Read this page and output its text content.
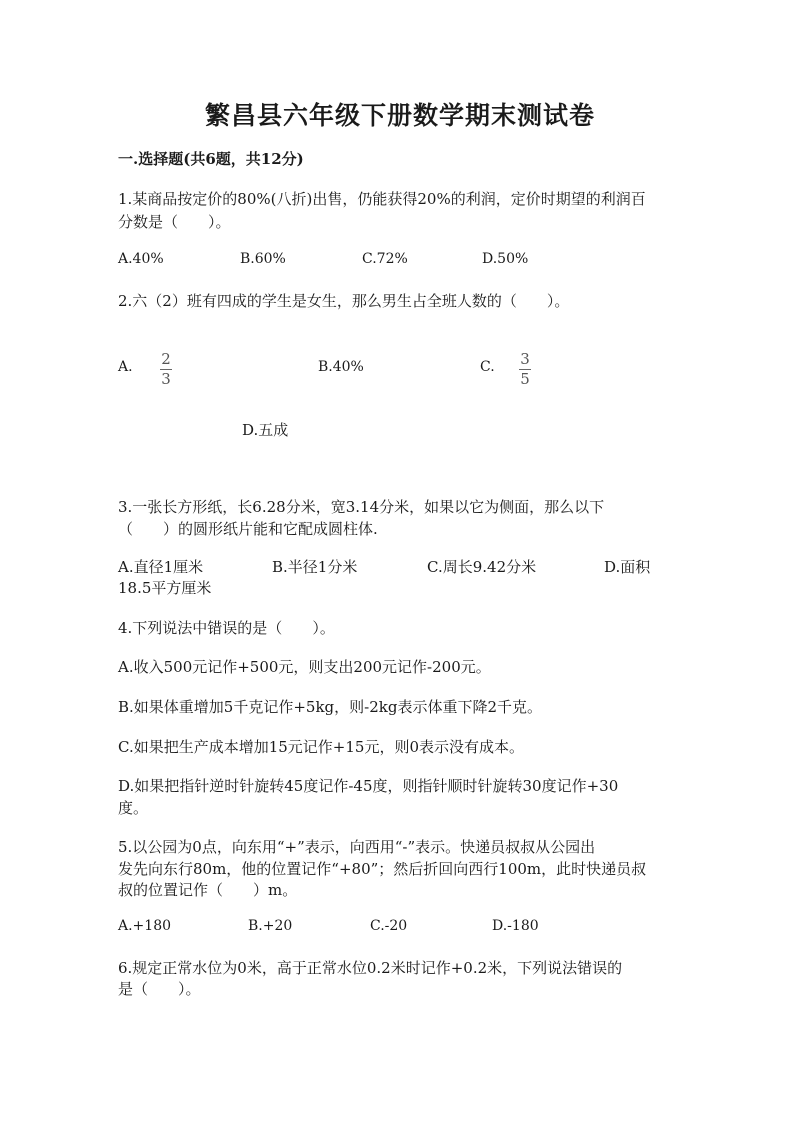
繁昌县六年级下册数学期末测试卷
一.选择题(共6题，共12分)
1.某商品按定价的80%(八折)出售，仍能获得20%的利润，定价时期望的利润百
分数是（　　）。
A.40%	B.60%	C.72%	D.50%
2.六（2）班有四成的学生是女生，那么男生占全班人数的（　　）。
A. 2
3
B.40%	C. 3
5
D.五成
3.一张长方形纸，长6.28分米，宽3.14分米，如果以它为侧面，那么以下
（　　）的圆形纸片能和它配成圆柱体.
A.直径1厘米	B.半径1分米	C.周长9.42分米	D.面积
18.5平方厘米
4.下列说法中错误的是（　　）。
A.收入500元记作+500元，则支出200元记作-200元。
B.如果体重增加5千克记作+5kg，则-2kg表示体重下降2千克。
C.如果把生产成本增加15元记作+15元，则0表示没有成本。
D.如果把指针逆时针旋转45度记作-45度，则指针顺时针旋转30度记作+30
度。
5.以公园为0点，向东用“+”表示，向西用“-”表示。快递员叔叔从公园出
发先向东行80m，他的位置记作“+80”；然后折回向西行100m，此时快递员叔
叔的位置记作（　　）m。
A.+180	B.+20	C.-20	D.-180
6.规定正常水位为0米，高于正常水位0.2米时记作+0.2米，下列说法错误的
是（　　）。
